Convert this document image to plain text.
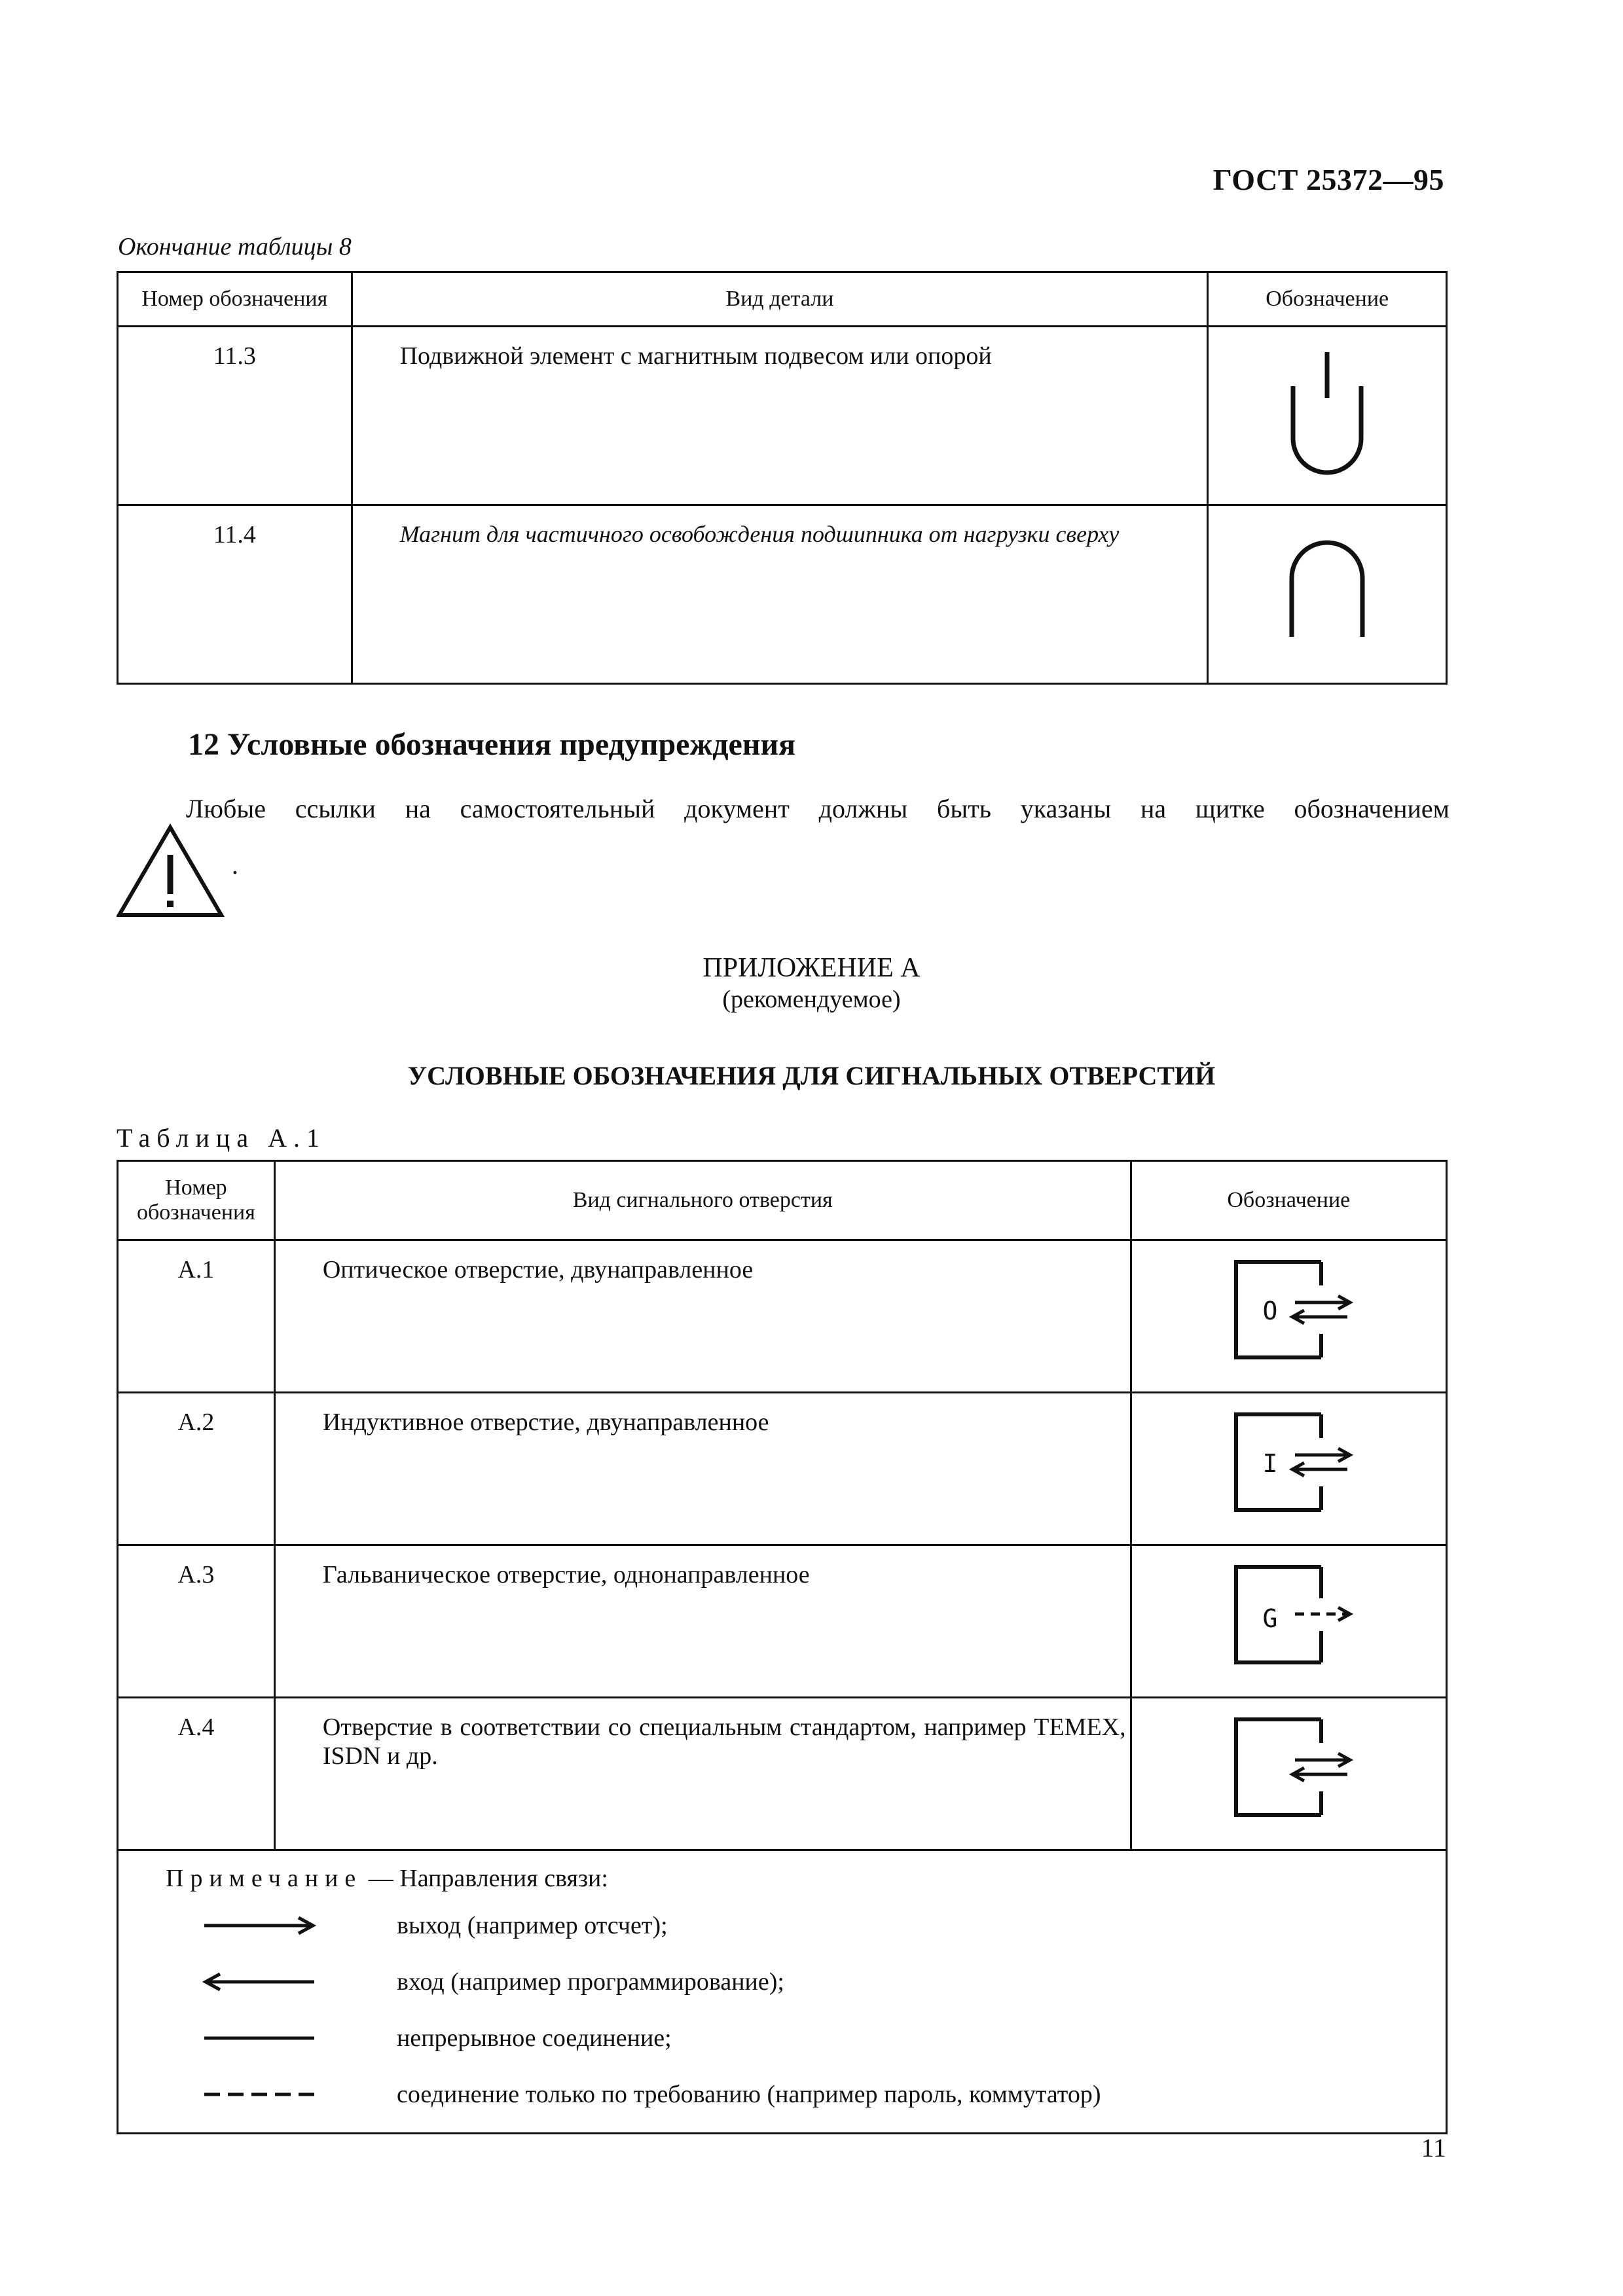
ГОСТ 25372—95
Окончание таблицы 8
Номер обозначения	Вид детали	Обозначение
11.3	Подвижной элемент с магнитным подвесом или опорой	
11.4	Магнит для частичного освобождения подшипника от нагрузки сверху	
12 Условные обозначения предупреждения
Любые ссылки на самостоятельный документ должны быть указаны на щитке обозначением
.
ПРИЛОЖЕНИЕ А
(рекомендуемое)
УСЛОВНЫЕ ОБОЗНАЧЕНИЯ ДЛЯ СИГНАЛЬНЫХ ОТВЕРСТИЙ
Таблица А.1
Номер
обозначения	Вид сигнального отверстия	Обозначение
А.1	Оптическое отверстие, двунаправленное	O

А.2	Индуктивное отверстие, двунаправленное	I

А.3	Гальваническое отверстие, однонаправленное	G

А.4	Отверстие в соответствии со специальным стандартом, например TEMEX, ISDN и др.	

Примечание — Направления связи:
выход (например отсчет);
вход (например программирование);
непрерывное соединение;
соединение только по требованию (например пароль, коммутатор)		
11
